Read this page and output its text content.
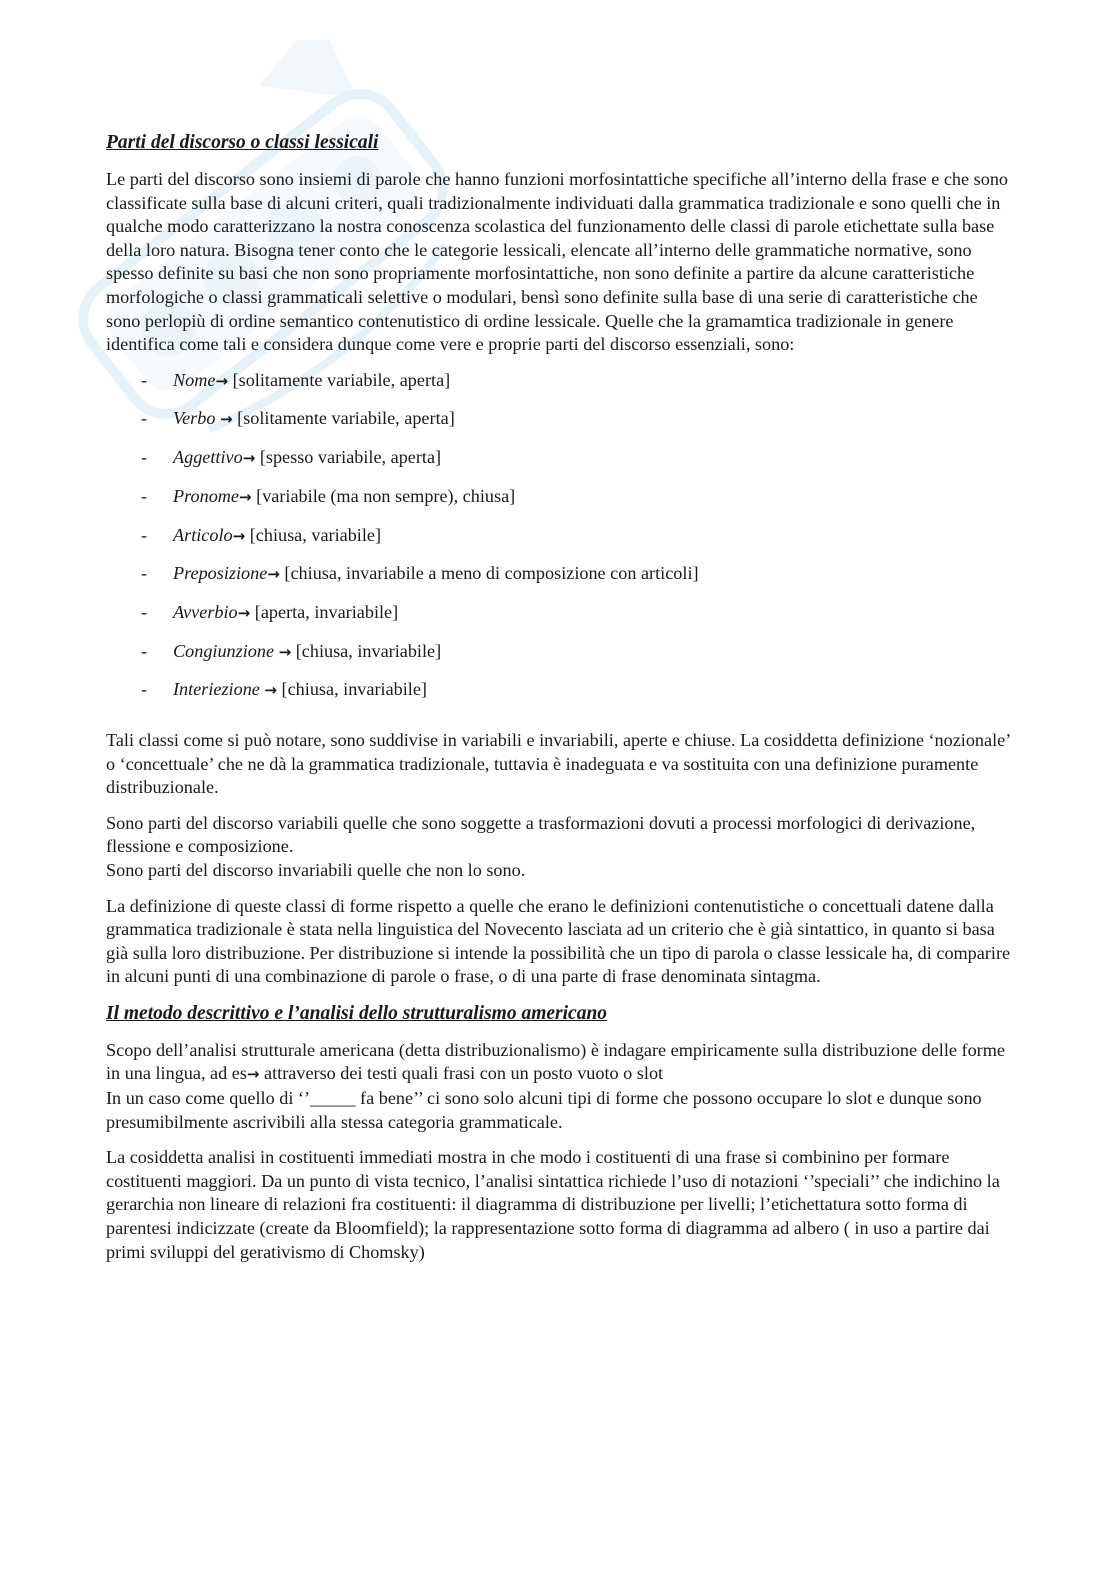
Parti del discorso o classi lessicali

Le parti del discorso sono insiemi di parole che hanno funzioni morfosintattiche specifiche all’interno della frase e che sono classificate sulla base di alcuni criteri, quali tradizionalmente individuati dalla grammatica tradizionale e sono quelli che in qualche modo caratterizzano la nostra conoscenza scolastica del funzionamento delle classi di parole etichettate sulla base della loro natura. Bisogna tener conto che le categorie lessicali, elencate all’interno delle grammatiche normative, sono spesso definite su basi che non sono propriamente morfosintattiche, non sono definite a partire da alcune caratteristiche morfologiche o classi grammaticali selettive o modulari, bensì sono definite sulla base di una serie di caratteristiche che sono perlopiù di ordine semantico contenutistico di ordine lessicale. Quelle che la gramamtica tradizionale in genere identifica come tali e considera dunque come vere e proprie parti del discorso essenziali, sono:

- Nome→ [solitamente variabile, aperta]
- Verbo → [solitamente variabile, aperta]
- Aggettivo→ [spesso variabile, aperta]
- Pronome→ [variabile (ma non sempre), chiusa]
- Articolo→ [chiusa, variabile]
- Preposizione→ [chiusa, invariabile a meno di composizione con articoli]
- Avverbio→ [aperta, invariabile]
- Congiunzione → [chiusa, invariabile]
- Interiezione → [chiusa, invariabile]

Tali classi come si può notare, sono suddivise in variabili e invariabili, aperte e chiuse. La cosiddetta definizione ‘nozionale’ o ‘concettuale’ che ne dà la grammatica tradizionale, tuttavia è inadeguata e va sostituita con una definizione puramente distribuzionale.

Sono parti del discorso variabili quelle che sono soggette a trasformazioni dovuti a processi morfologici di derivazione, flessione e composizione.
Sono parti del discorso invariabili quelle che non lo sono.

La definizione di queste classi di forme rispetto a quelle che erano le definizioni contenutistiche o concettuali datene dalla grammatica tradizionale è stata nella linguistica del Novecento lasciata ad un criterio che è già sintattico, in quanto si basa già sulla loro distribuzione. Per distribuzione si intende la possibilità che un tipo di parola o classe lessicale ha, di comparire in alcuni punti di una combinazione di parole o frase, o di una parte di frase denominata sintagma.

Il metodo descrittivo e l’analisi dello strutturalismo americano

Scopo dell’analisi strutturale americana (detta distribuzionalismo) è indagare empiricamente sulla distribuzione delle forme in una lingua, ad es→ attraverso dei testi quali frasi con un posto vuoto o slot
In un caso come quello di ‘’_____ fa bene’’ ci sono solo alcuni tipi di forme che possono occupare lo slot e dunque sono presumibilmente ascrivibili alla stessa categoria grammaticale.

La cosiddetta analisi in costituenti immediati mostra in che modo i costituenti di una frase si combinino per formare costituenti maggiori. Da un punto di vista tecnico, l’analisi sintattica richiede l’uso di notazioni ‘’speciali’’ che indichino la gerarchia non lineare di relazioni fra costituenti: il diagramma di distribuzione per livelli; l’etichettatura sotto forma di parentesi indicizzate (create da Bloomfield); la rappresentazione sotto forma di diagramma ad albero ( in uso a partire dai primi sviluppi del gerativismo di Chomsky)
